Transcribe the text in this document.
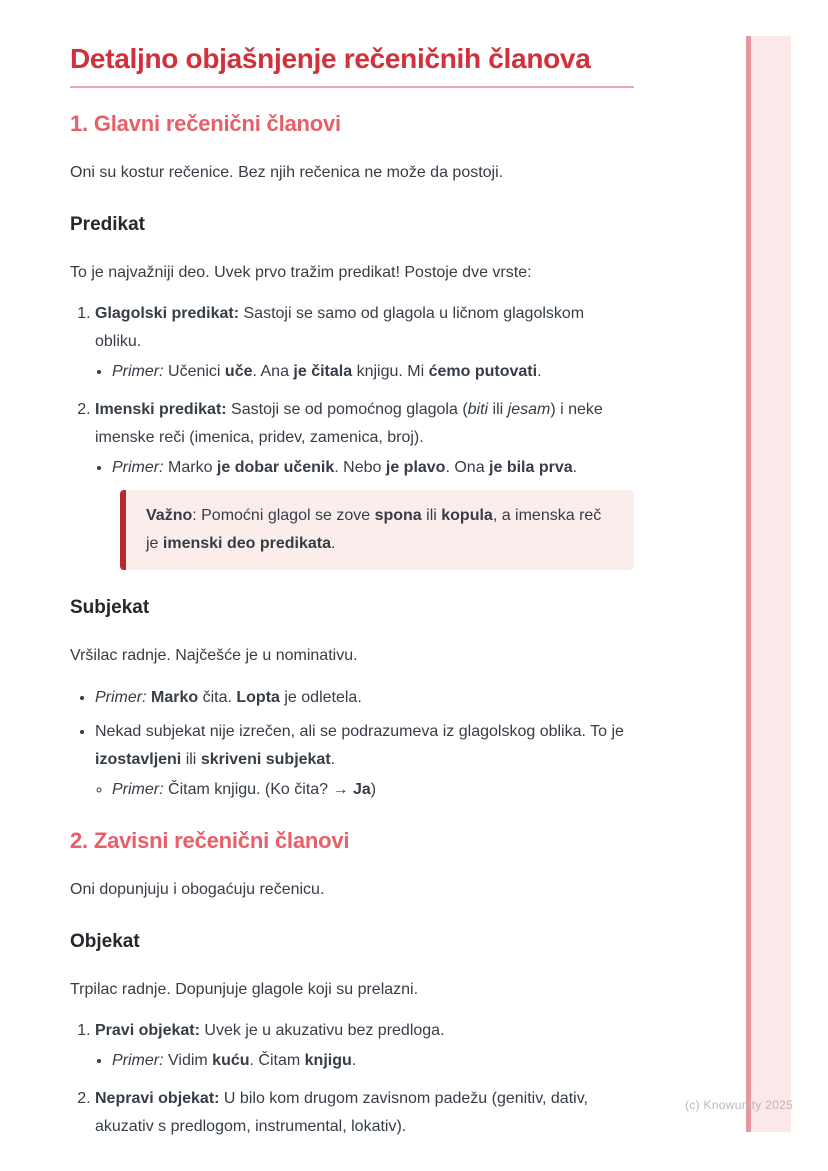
(c) Knowunity 2025
Detaljno objašnjenje rečeničnih članova
1. Glavni rečenični članovi

Oni su kostur rečenice. Bez njih rečenica ne može da postoji.

Predikat

To je najvažniji deo. Uvek prvo tražim predikat! Postoje dve vrste:

1. Glagolski predikat: Sastoji se samo od glagola u ličnom glagolskom obliku.
• Primer: Učenici uče. Ana je čitala knjigu. Mi ćemo putovati.
2. Imenski predikat: Sastoji se od pomoćnog glagola (biti ili jesam) i neke imenske reči (imenica, pridev, zamenica, broj).
• Primer: Marko je dobar učenik. Nebo je plavo. Ona je bila prva.
Važno: Pomoćni glagol se zove spona ili kopula, a imenska reč je imenski deo predikata.
Subjekat

Vršilac radnje. Najčešće je u nominativu.

• Primer: Marko čita. Lopta je odletela.
• Nekad subjekat nije izrečen, ali se podrazumeva iz glagolskog oblika. To je izostavljeni ili skriveni subjekat.
◦ Primer: Čitam knjigu. (Ko čita? → Ja)
2. Zavisni rečenični članovi

Oni dopunjuju i obogaćuju rečenicu.

Objekat

Trpilac radnje. Dopunjuje glagole koji su prelazni.

1. Pravi objekat: Uvek je u akuzativu bez predloga.
• Primer: Vidim kuću. Čitam knjigu.
2. Nepravi objekat: U bilo kom drugom zavisnom padežu (genitiv, dativ, akuzativ s predlogom, instrumental, lokativ).
